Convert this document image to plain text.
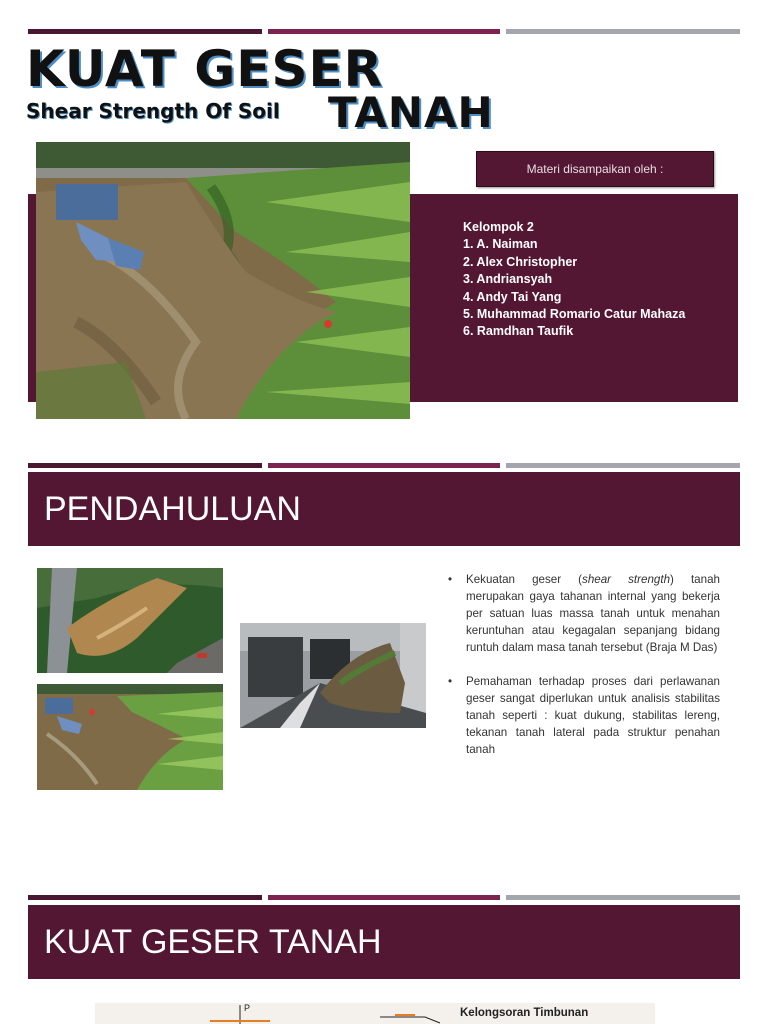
KUAT GESER
Shear Strength Of Soil TANAH
Materi disampaikan oleh :
Kelompok 2
1. A. Naiman
2. Alex Christopher
3. Andriansyah
4. Andy Tai Yang
5. Muhammad Romario Catur Mahaza
6. Ramdhan Taufik
PENDAHULUAN
• Kekuatan geser (shear strength) tanah merupakan gaya tahanan internal yang bekerja per satuan luas massa tanah untuk menahan keruntuhan atau kegagalan sepanjang bidang runtuh dalam masa tanah tersebut (Braja M Das)
• Pemahaman terhadap proses dari perlawanan geser sangat diperlukan untuk analisis stabilitas tanah seperti : kuat dukung, stabilitas lereng, tekanan tanah lateral pada struktur penahan tanah
KUAT GESER TANAH
P	Kelongsoran Timbunan
